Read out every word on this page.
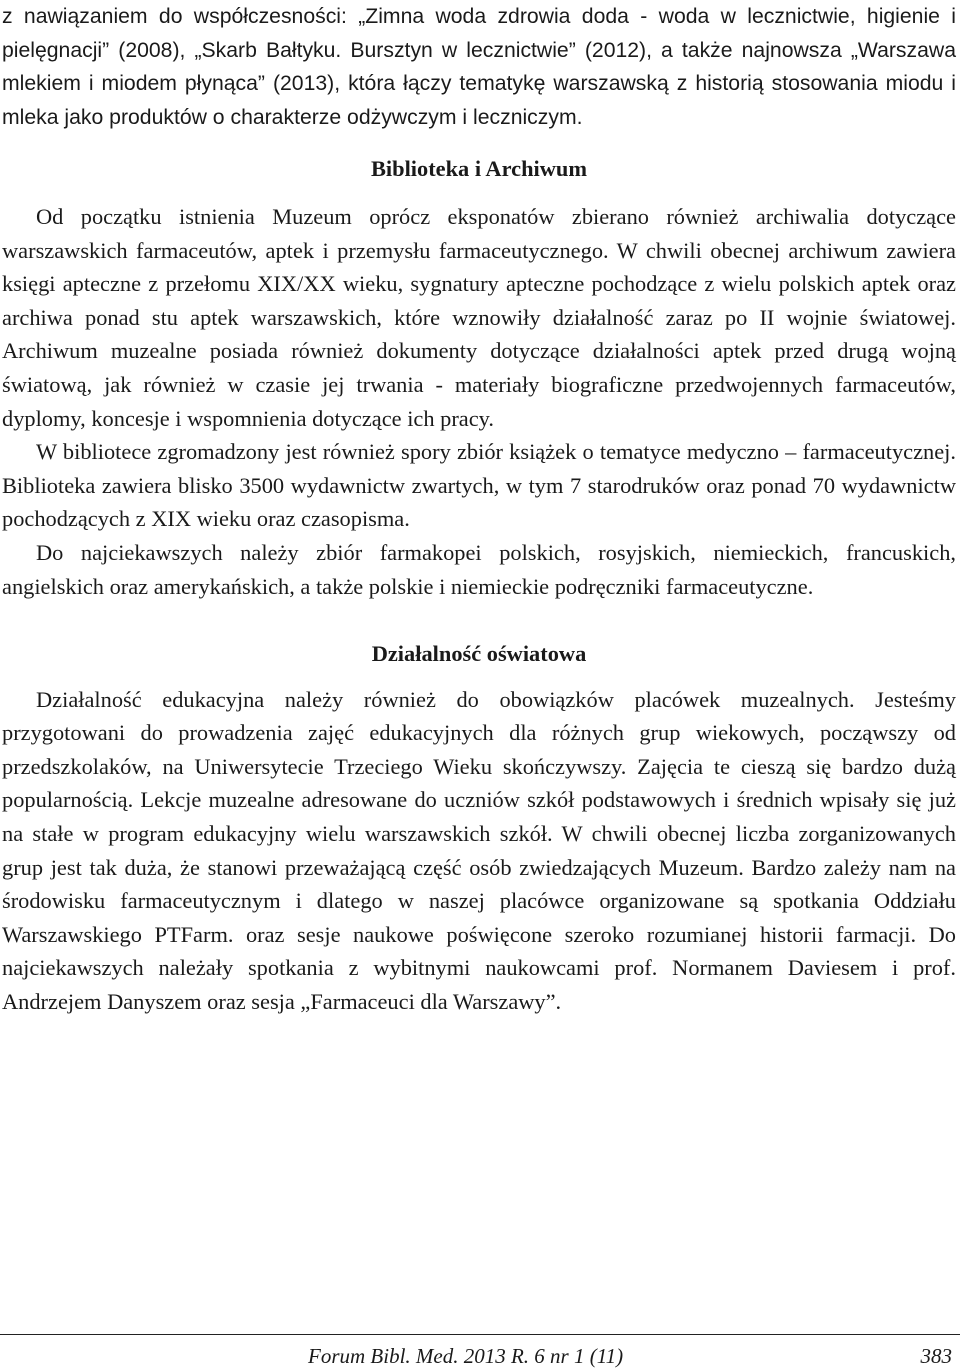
z nawiązaniem do współczesności: „Zimna woda zdrowia doda - woda w lecznictwie, higienie i pielęgnacji” (2008), „Skarb Bałtyku. Bursztyn w lecznictwie” (2012), a także najnowsza „Warszawa mlekiem i miodem płynąca” (2013), która łączy tematykę warszawską z historią stosowania miodu i mleka jako produktów o charakterze odżywczym i leczniczym.

Biblioteka i Archiwum

Od początku istnienia Muzeum oprócz eksponatów zbierano również archiwalia dotyczące warszawskich farmaceutów, aptek i przemysłu farmaceutycznego. W chwili obecnej archiwum zawiera księgi apteczne z przełomu XIX/XX wieku, sygnatury apteczne pochodzące z wielu polskich aptek oraz archiwa ponad stu aptek warszawskich, które wznowiły działalność zaraz po II wojnie światowej. Archiwum muzealne posiada również dokumenty dotyczące działalności aptek przed drugą wojną światową, jak również w czasie jej trwania - materiały biograficzne przedwojennych farmaceutów, dyplomy, koncesje i wspomnienia dotyczące ich pracy.

W bibliotece zgromadzony jest również spory zbiór książek o tematyce medyczno – farmaceutycznej. Biblioteka zawiera blisko 3500 wydawnictw zwartych, w tym 7 starodruków oraz ponad 70 wydawnictw pochodzących z XIX wieku oraz czasopisma.

Do najciekawszych należy zbiór farmakopei polskich, rosyjskich, niemieckich, francuskich, angielskich oraz amerykańskich, a także polskie i niemieckie podręczniki farmaceutyczne.

Działalność oświatowa

Działalność edukacyjna należy również do obowiązków placówek muzealnych. Jesteśmy przygotowani do prowadzenia zajęć edukacyjnych dla różnych grup wiekowych, począwszy od przedszkolaków, na Uniwersytecie Trzeciego Wieku skończywszy. Zajęcia te cieszą się bardzo dużą popularnością. Lekcje muzealne adresowane do uczniów szkół podstawowych i średnich wpisały się już na stałe w program edukacyjny wielu warszawskich szkół. W chwili obecnej liczba zorganizowanych grup jest tak duża, że stanowi przeważającą część osób zwiedzających Muzeum. Bardzo zależy nam na środowisku farmaceutycznym i dlatego w naszej placówce organizowane są spotkania Oddziału Warszawskiego PTFarm. oraz sesje naukowe poświęcone szeroko rozumianej historii farmacji. Do najciekawszych należały spotkania z wybitnymi naukowcami prof. Normanem Daviesem i prof. Andrzejem Danyszem oraz sesja „Farmaceuci dla Warszawy”.

Forum Bibl. Med. 2013 R. 6 nr 1 (11)	383
